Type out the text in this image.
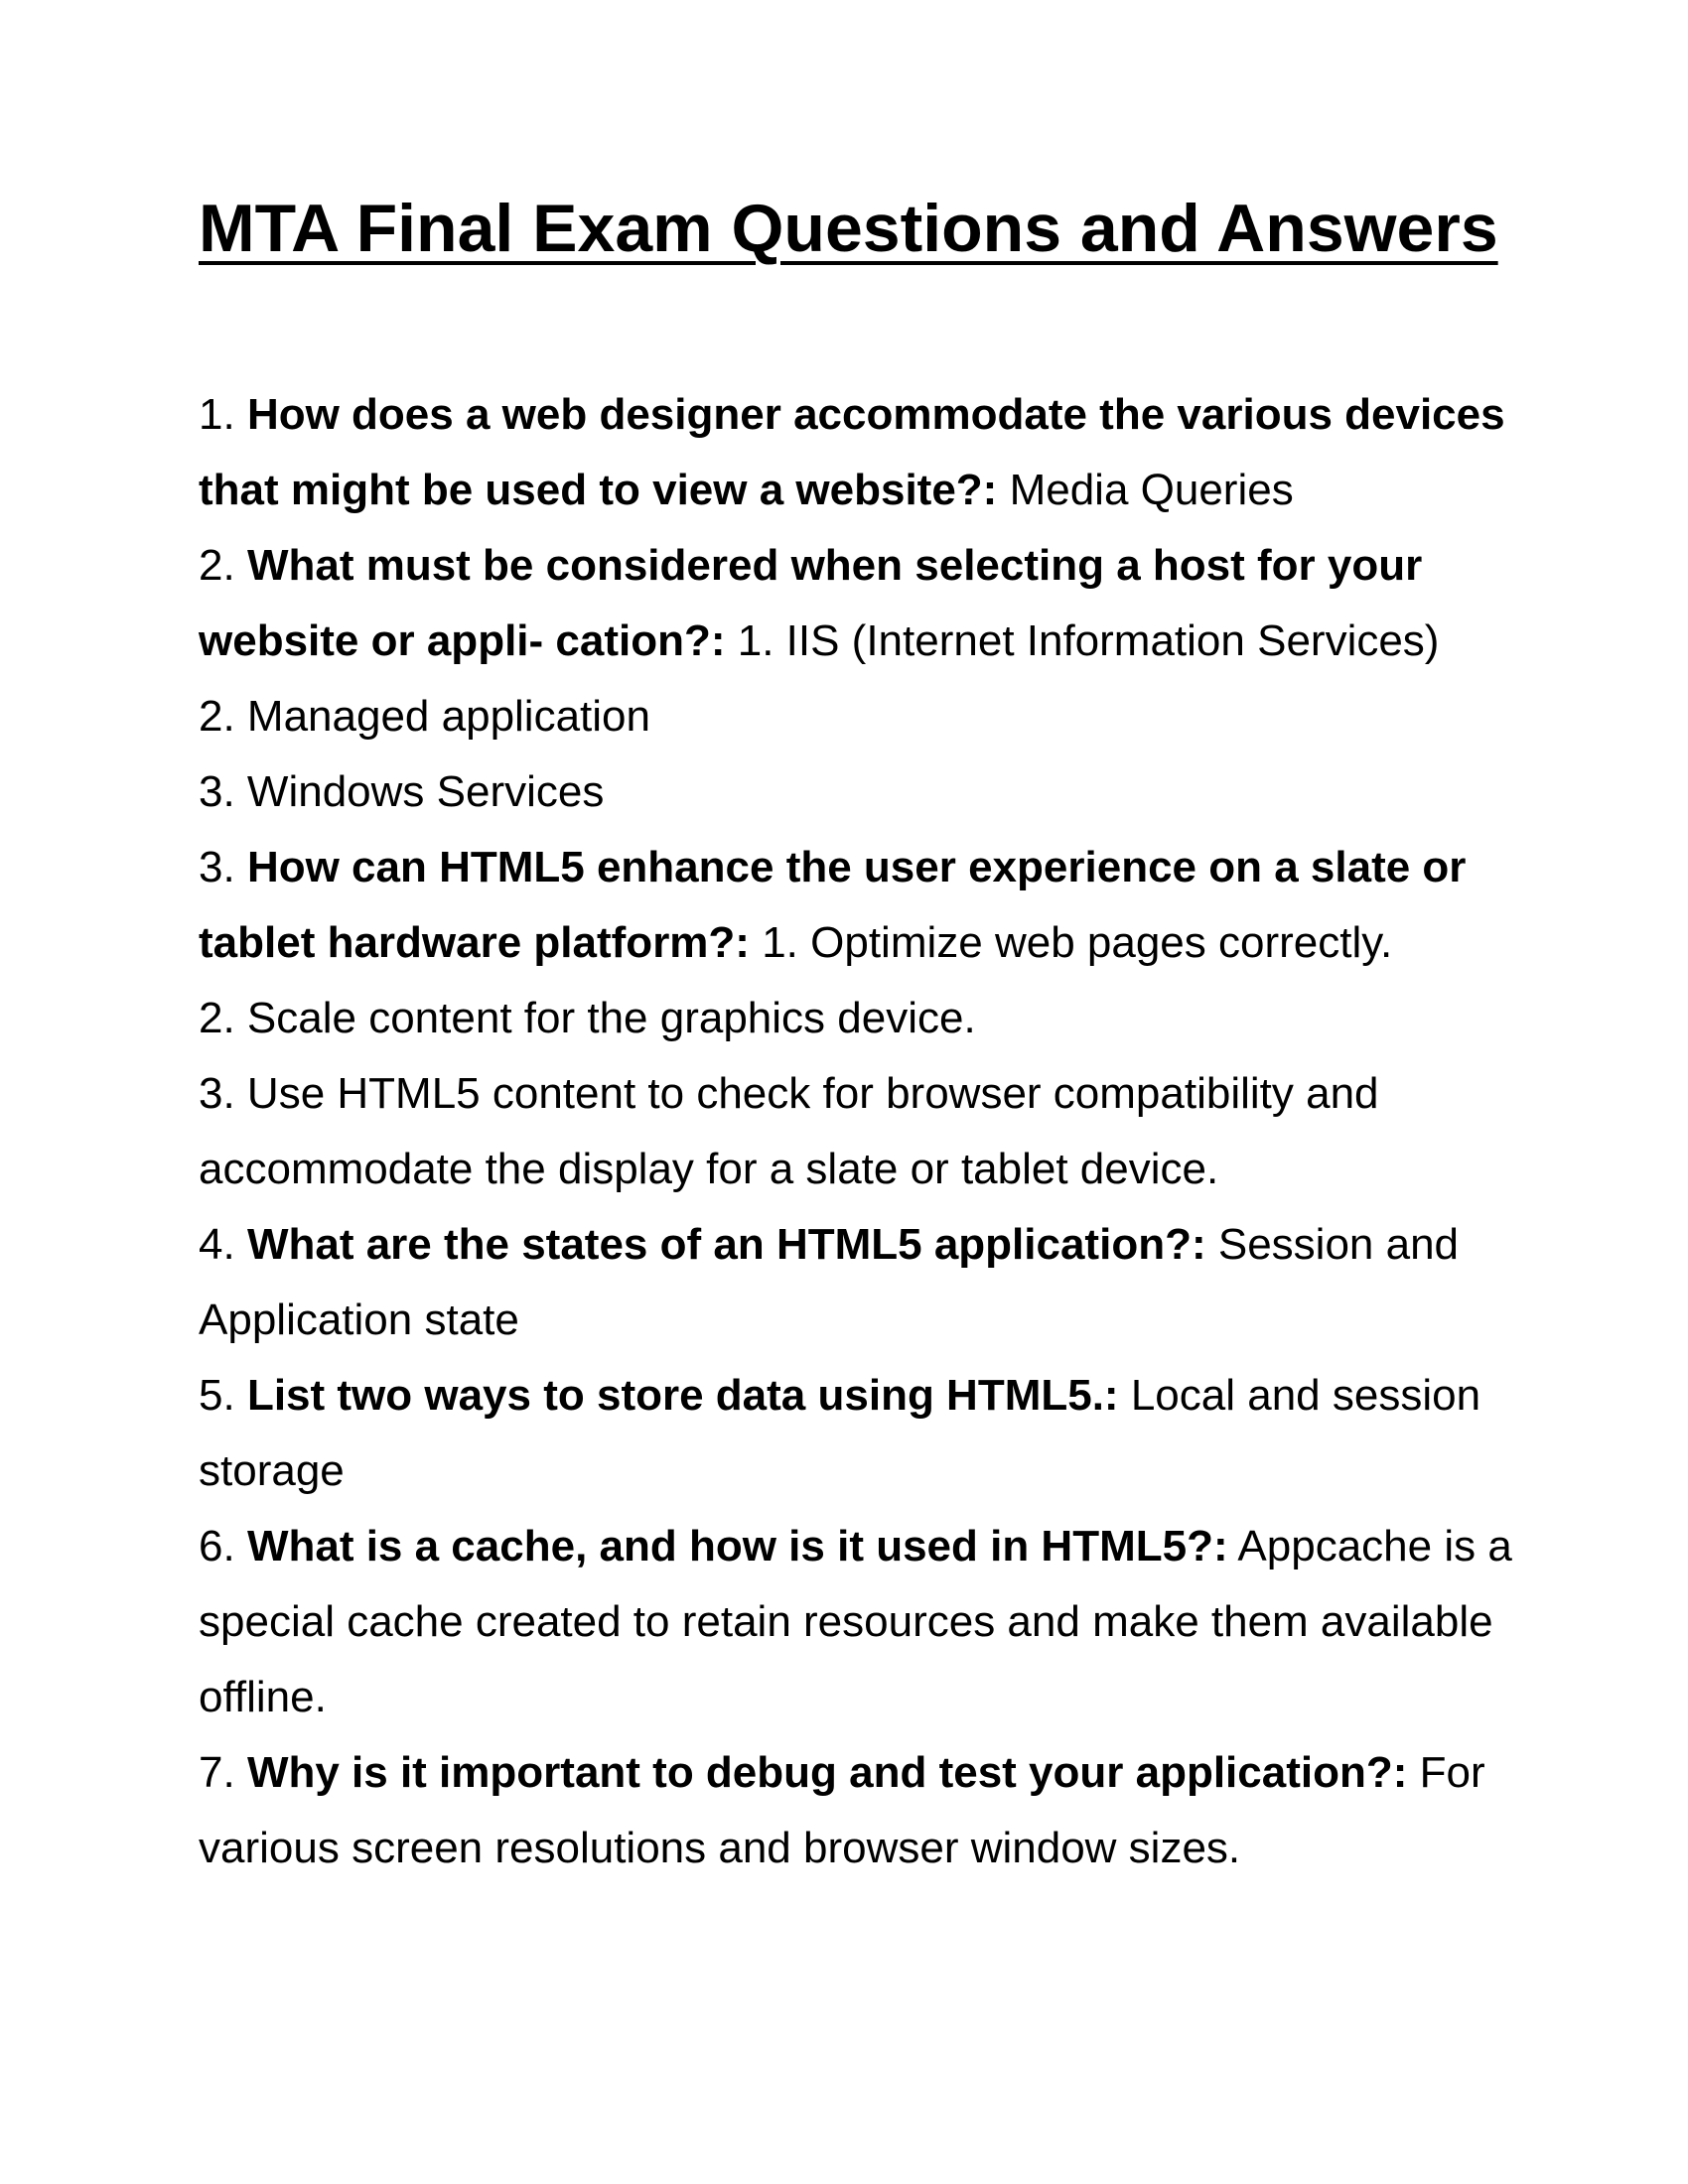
MTA Final Exam Questions and Answers
1. How does a web designer accommodate the various devices that might be used to view a website?: Media Queries
2. What must be considered when selecting a host for your website or appli- cation?: 1. IIS (Internet Information Services)

2. Managed application

3. Windows Services

3. How can HTML5 enhance the user experience on a slate or tablet hardware platform?: 1. Optimize web pages correctly.

2. Scale content for the graphics device.

3. Use HTML5 content to check for browser compatibility and accommodate the display for a slate or tablet device.

4. What are the states of an HTML5 application?: Session and Application state
5. List two ways to store data using HTML5.: Local and session storage
6. What is a cache, and how is it used in HTML5?: Appcache is a special cache created to retain resources and make them available offline.
7. Why is it important to debug and test your application?: For various screen resolutions and browser window sizes.
